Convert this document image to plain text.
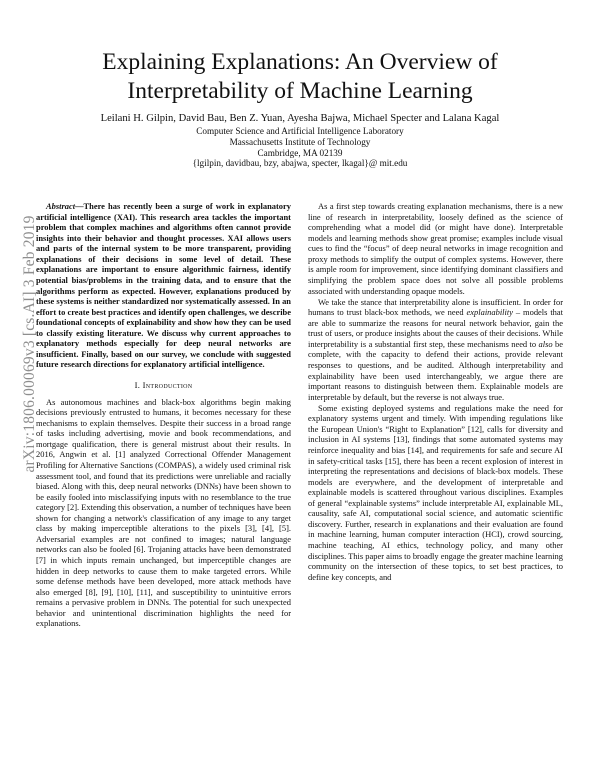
Explaining Explanations: An Overview of
Interpretability of Machine Learning
Leilani H. Gilpin, David Bau, Ben Z. Yuan, Ayesha Bajwa, Michael Specter and Lalana Kagal
Computer Science and Artificial Intelligence Laboratory
Massachusetts Institute of Technology
Cambridge, MA 02139
{lgilpin, davidbau, bzy, abajwa, specter, lkagal}@ mit.edu
arXiv:1806.00069v3 [cs.AI] 3 Feb 2019

Abstract—There has recently been a surge of work in explanatory artificial intelligence (XAI). This research area tackles the important problem that complex machines and algorithms often cannot provide insights into their behavior and thought processes. XAI allows users and parts of the internal system to be more transparent, providing explanations of their decisions in some level of detail. These explanations are important to ensure algorithmic fairness, identify potential bias/problems in the training data, and to ensure that the algorithms perform as expected. However, explanations produced by these systems is neither standardized nor systematically assessed. In an effort to create best practices and identify open challenges, we describe foundational concepts of explainability and show how they can be used to classify existing literature. We discuss why current approaches to explanatory methods especially for deep neural networks are insufficient. Finally, based on our survey, we conclude with suggested future research directions for explanatory artificial intelligence.

I. Introduction

As autonomous machines and black-box algorithms begin making decisions previously entrusted to humans, it becomes necessary for these mechanisms to explain themselves. Despite their success in a broad range of tasks including advertising, movie and book recommendations, and mortgage qualification, there is general mistrust about their results. In 2016, Angwin et al. [1] analyzed Correctional Offender Management Profiling for Alternative Sanctions (COMPAS), a widely used criminal risk assessment tool, and found that its predictions were unreliable and racially biased. Along with this, deep neural networks (DNNs) have been shown to be easily fooled into misclassifying inputs with no resemblance to the true category [2]. Extending this observation, a number of techniques have been shown for changing a network's classification of any image to any target class by making imperceptible alterations to the pixels [3], [4], [5]. Adversarial examples are not confined to images; natural language networks can also be fooled [6]. Trojaning attacks have been demonstrated [7] in which inputs remain unchanged, but imperceptible changes are hidden in deep networks to cause them to make targeted errors. While some defense methods have been developed, more attack methods have also emerged [8], [9], [10], [11], and susceptibility to unintuitive errors remains a pervasive problem in DNNs. The potential for such unexpected behavior and unintentional discrimination highlights the need for explanations.

As a first step towards creating explanation mechanisms, there is a new line of research in interpretability, loosely defined as the science of comprehending what a model did (or might have done). Interpretable models and learning methods show great promise; examples include visual cues to find the “focus” of deep neural networks in image recognition and proxy methods to simplify the output of complex systems. However, there is ample room for improvement, since identifying dominant classifiers and simplifying the problem space does not solve all possible problems associated with understanding opaque models.

We take the stance that interpretability alone is insufficient. In order for humans to trust black-box methods, we need explainability – models that are able to summarize the reasons for neural network behavior, gain the trust of users, or produce insights about the causes of their decisions. While interpretability is a substantial first step, these mechanisms need to also be complete, with the capacity to defend their actions, provide relevant responses to questions, and be audited. Although interpretability and explainability have been used interchangeably, we argue there are important reasons to distinguish between them. Explainable models are interpretable by default, but the reverse is not always true.

Some existing deployed systems and regulations make the need for explanatory systems urgent and timely. With impending regulations like the European Union's “Right to Explanation” [12], calls for diversity and inclusion in AI systems [13], findings that some automated systems may reinforce inequality and bias [14], and requirements for safe and secure AI in safety-critical tasks [15], there has been a recent explosion of interest in interpreting the representations and decisions of black-box models. These models are everywhere, and the development of interpretable and explainable models is scattered throughout various disciplines. Examples of general “explainable systems” include interpretable AI, explainable ML, causality, safe AI, computational social science, and automatic scientific discovery. Further, research in explanations and their evaluation are found in machine learning, human computer interaction (HCI), crowd sourcing, machine teaching, AI ethics, technology policy, and many other disciplines. This paper aims to broadly engage the greater machine learning community on the intersection of these topics, to set best practices, to define key concepts, and
